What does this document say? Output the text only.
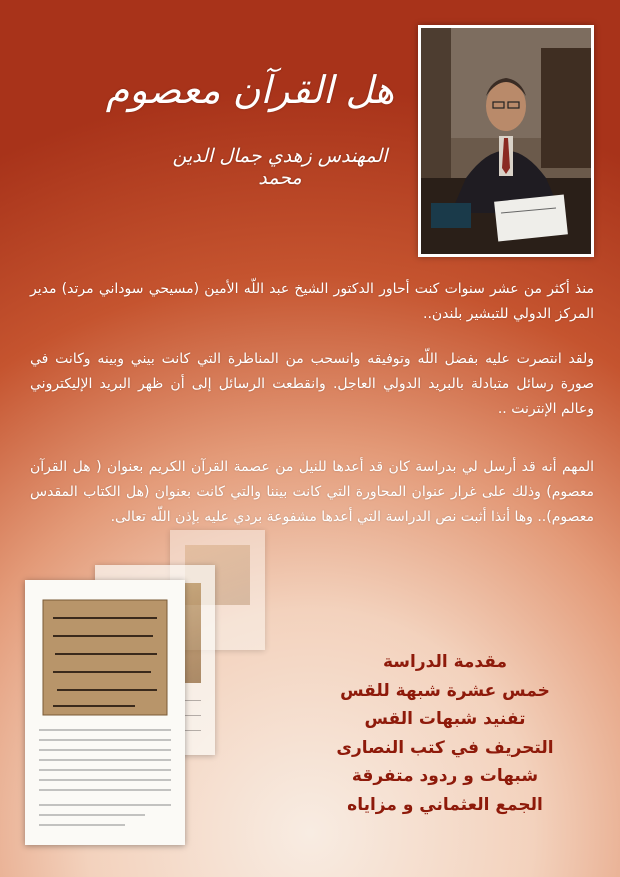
هل القرآن معصوم
المهندس زهدي جمال الدين محمد

منذ أكثر من عشر سنوات كنت أحاور الدكتور الشيخ عبد اللّه الأمين (مسيحي سوداني مرتد) مدير المركز الدولي للتبشير بلندن..

ولقد انتصرت عليه بفضل اللّه وتوفيقه وانسحب من المناظرة التي كانت بيني وبينه وكانت في صورة رسائل متبادلة بالبريد الدولي العاجل. وانقطعت الرسائل إلى أن ظهر البريد الإليكتروني وعالم الإنترنت ..

المهم أنه قد أرسل لي بدراسة كان قد أعدها للنيل من عصمة القرآن الكريم بعنوان ( هل القرآن معصوم) وذلك على غرار عنوان المحاورة التي كانت بيننا والتي كانت بعنوان (هل الكتاب المقدس معصوم).. وها أنذا أثبت نص الدراسة التي أعدها مشفوعة بردي عليه بإذن اللّه تعالى.

مقدمة الدراسة
خمس عشرة شبهة للقس
تفنيد شبهات القس
التحريف في كتب النصارى
شبهات و ردود متفرقة
الجمع العثماني و مزاياه
